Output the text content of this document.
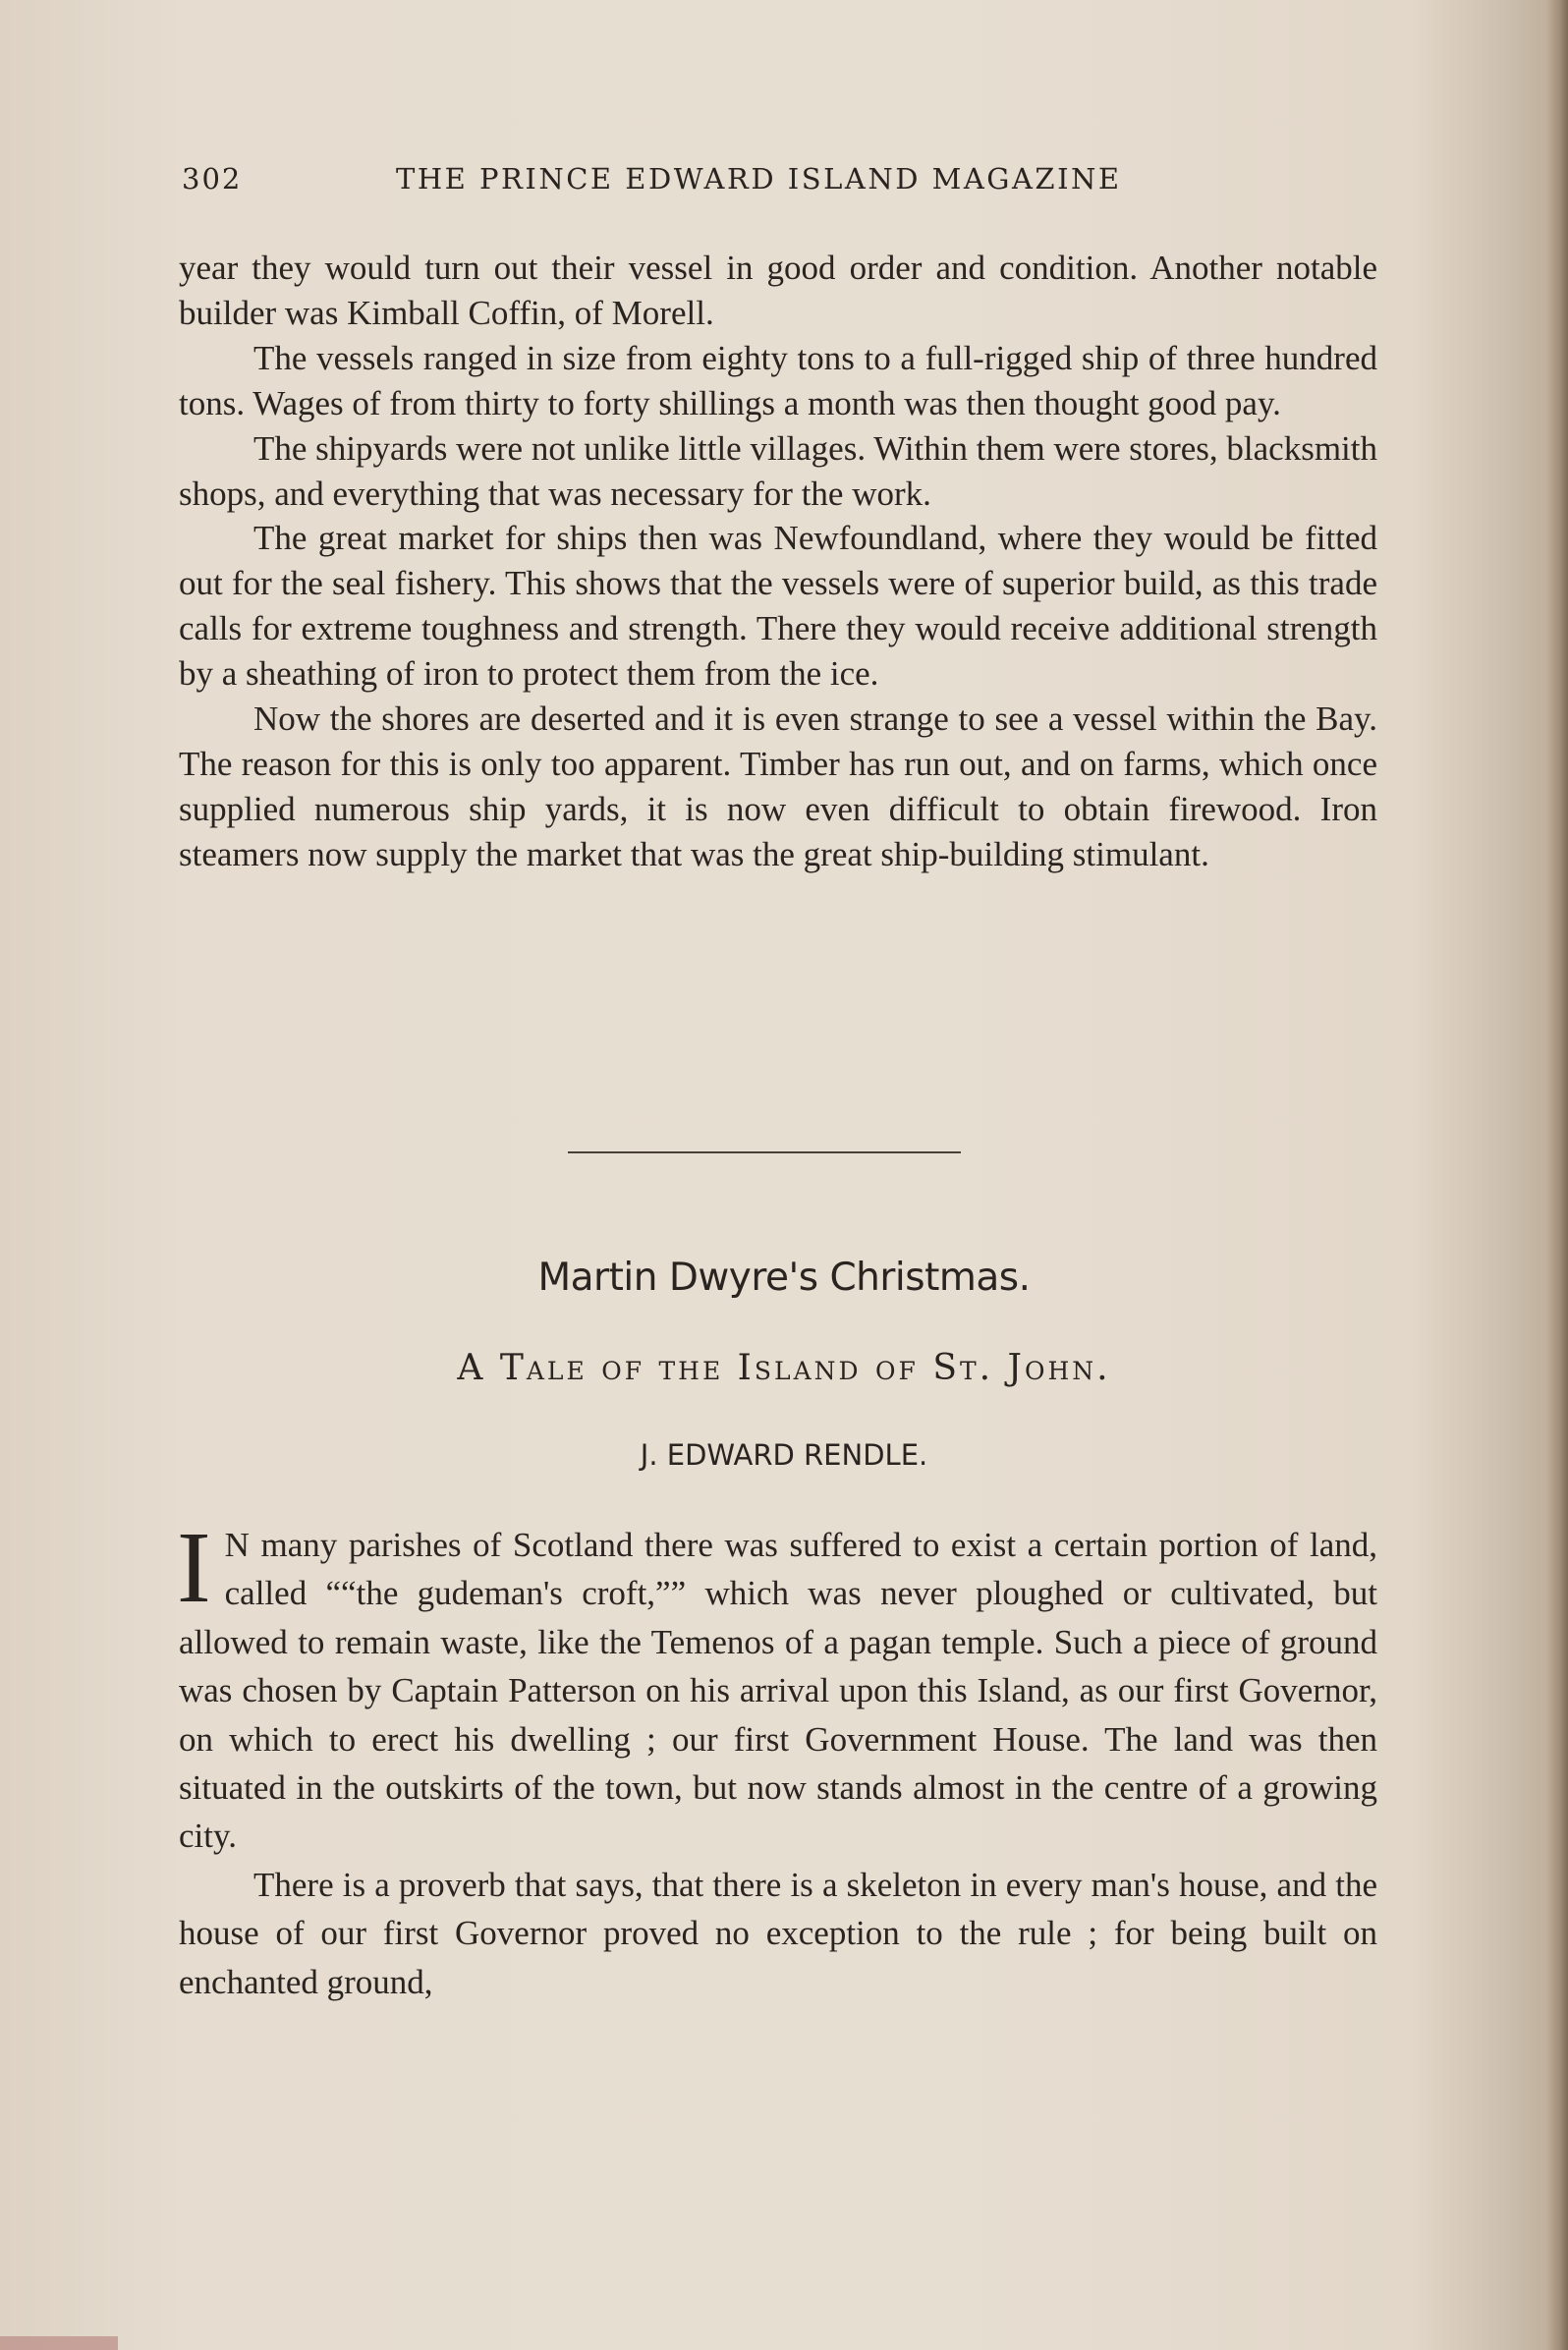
302	THE PRINCE EDWARD ISLAND MAGAZINE

year they would turn out their vessel in good order and condition. Another notable builder was Kimball Coffin, of Morell.

The vessels ranged in size from eighty tons to a full-rigged ship of three hundred tons. Wages of from thirty to forty shillings a month was then thought good pay.

The shipyards were not unlike little villages. Within them were stores, blacksmith shops, and everything that was necessary for the work.

The great market for ships then was Newfoundland, where they would be fitted out for the seal fishery. This shows that the vessels were of superior build, as this trade calls for extreme toughness and strength. There they would receive additional strength by a sheathing of iron to protect them from the ice.

Now the shores are deserted and it is even strange to see a vessel within the Bay. The reason for this is only too apparent. Timber has run out, and on farms, which once supplied numerous ship yards, it is now even difficult to obtain firewood. Iron steamers now supply the market that was the great ship-building stimulant.

Martin Dwyre's Christmas.
A Tale of the Island of St. John.
J. EDWARD RENDLE.

I N many parishes of Scotland there was suffered to exist a certain portion of land, called ““the gudeman's croft,”” which was never ploughed or cultivated, but allowed to remain waste, like the Temenos of a pagan temple. Such a piece of ground was chosen by Captain Patterson on his arrival upon this Island, as our first Governor, on which to erect his dwelling ; our first Government House. The land was then situated in the outskirts of the town, but now stands almost in the centre of a growing city.

There is a proverb that says, that there is a skeleton in every man's house, and the house of our first Governor proved no exception to the rule ; for being built on enchanted ground,
